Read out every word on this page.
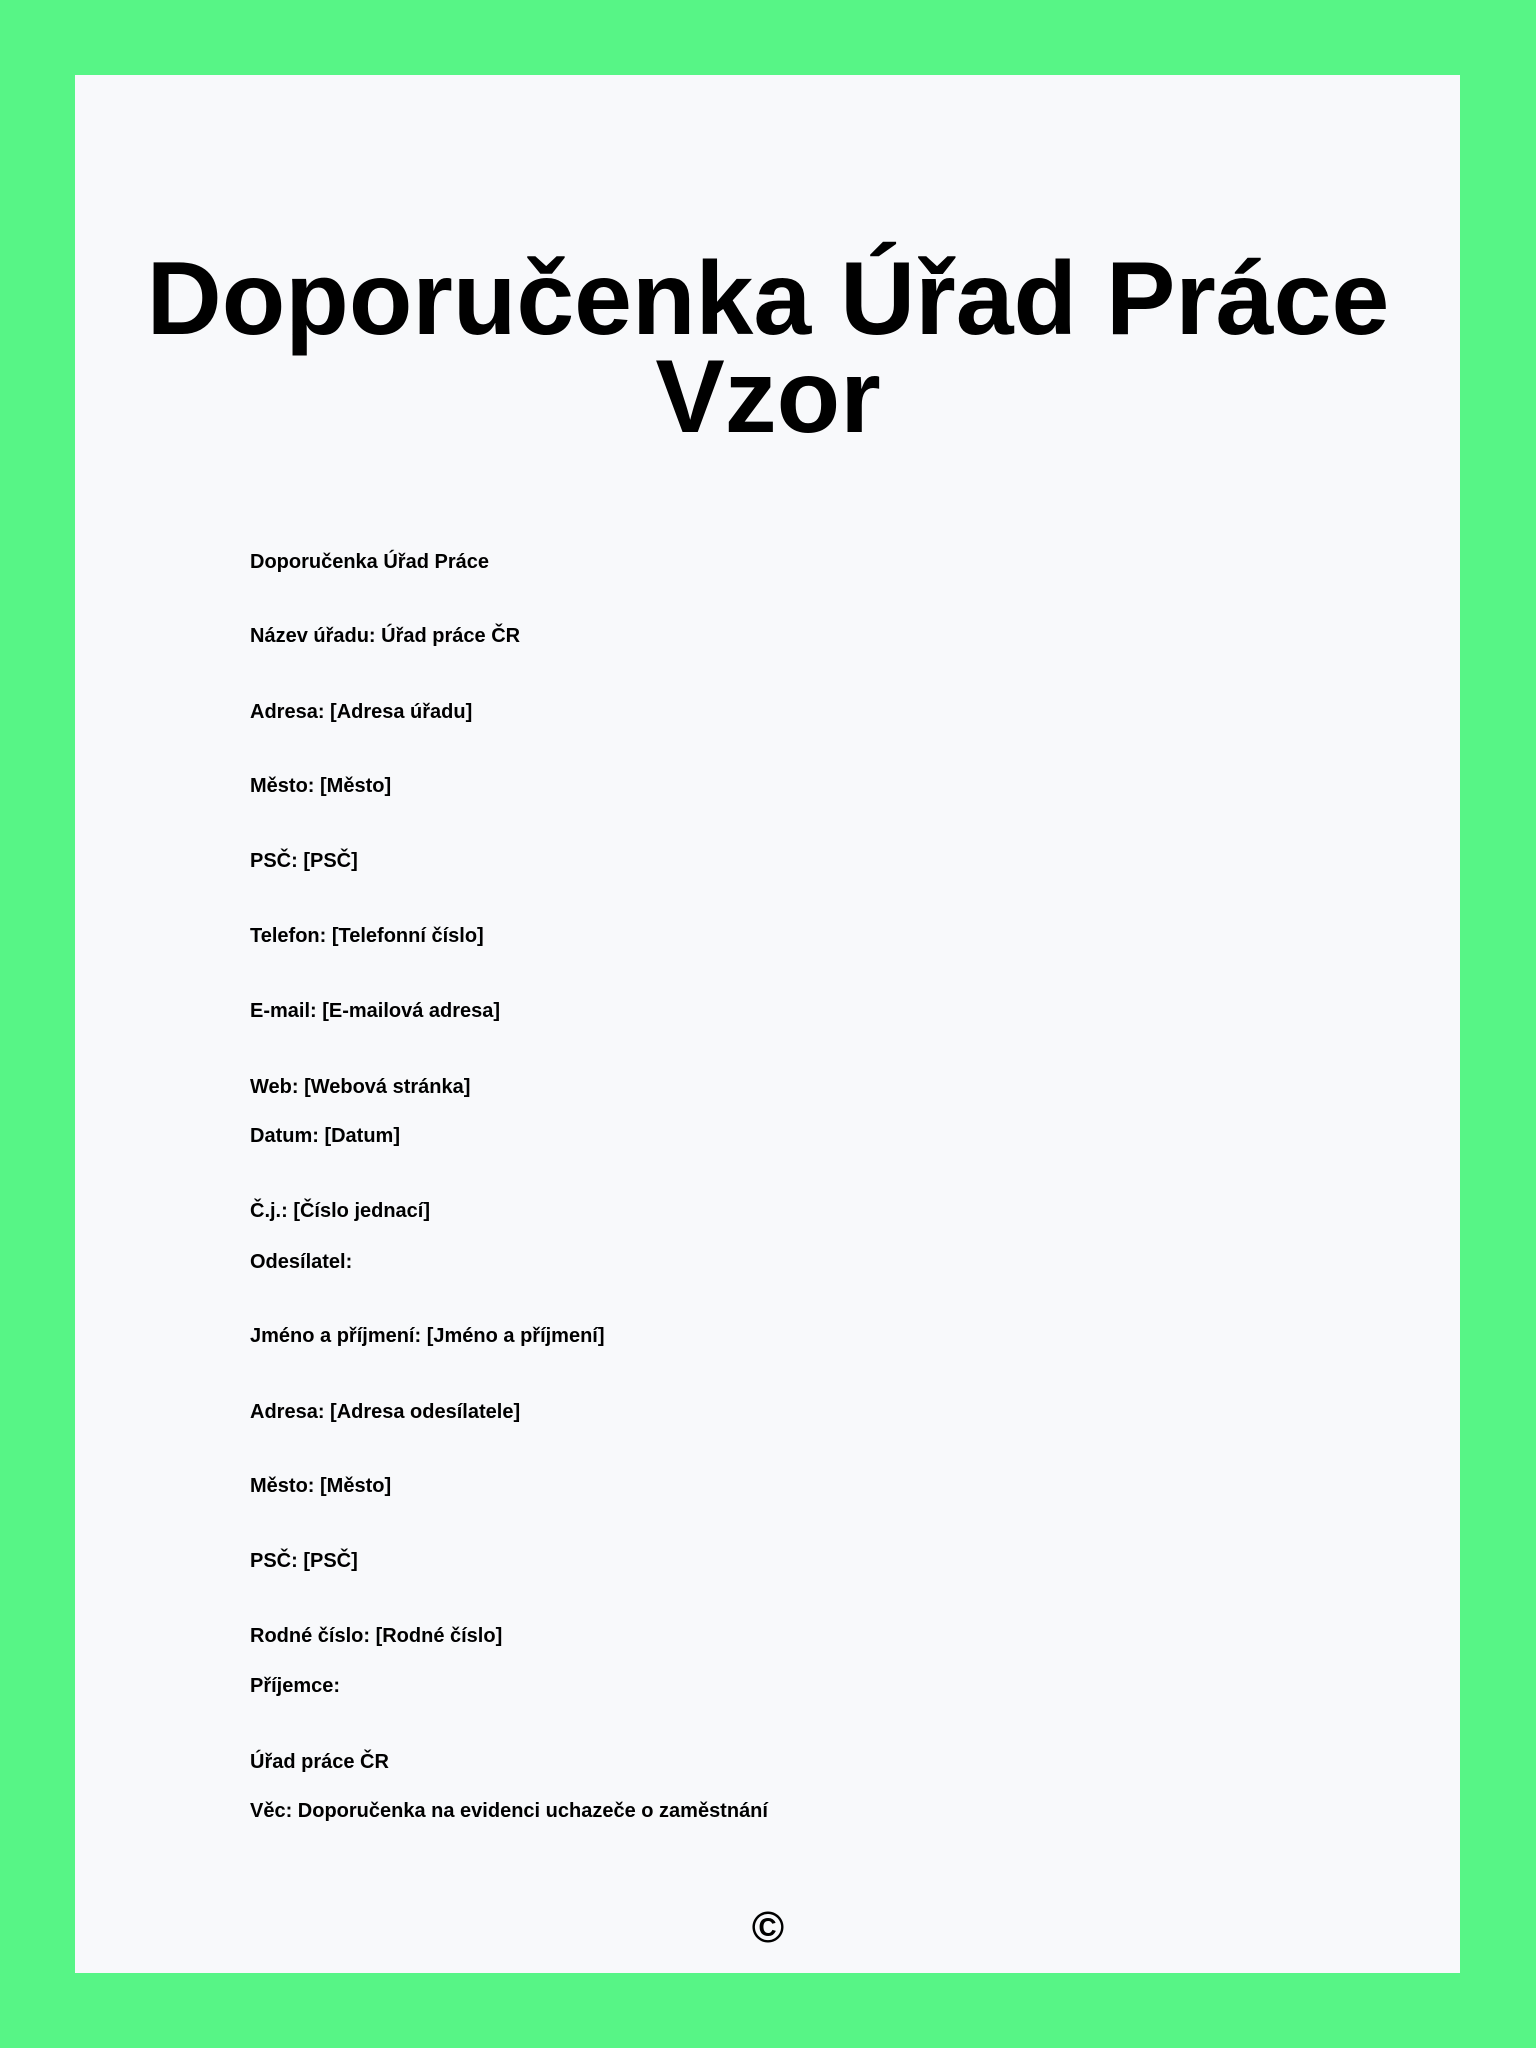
Doporučenka Úřad Práce
Vzor
Doporučenka Úřad Práce
Název úřadu: Úřad práce ČR
Adresa: [Adresa úřadu]
Město: [Město]
PSČ: [PSČ]
Telefon: [Telefonní číslo]
E-mail: [E-mailová adresa]
Web: [Webová stránka]
Datum: [Datum]
Č.j.: [Číslo jednací]
Odesílatel:
Jméno a příjmení: [Jméno a příjmení]
Adresa: [Adresa odesílatele]
Město: [Město]
PSČ: [PSČ]
Rodné číslo: [Rodné číslo]
Příjemce:
Úřad práce ČR
Věc: Doporučenka na evidenci uchazeče o zaměstnání
©
